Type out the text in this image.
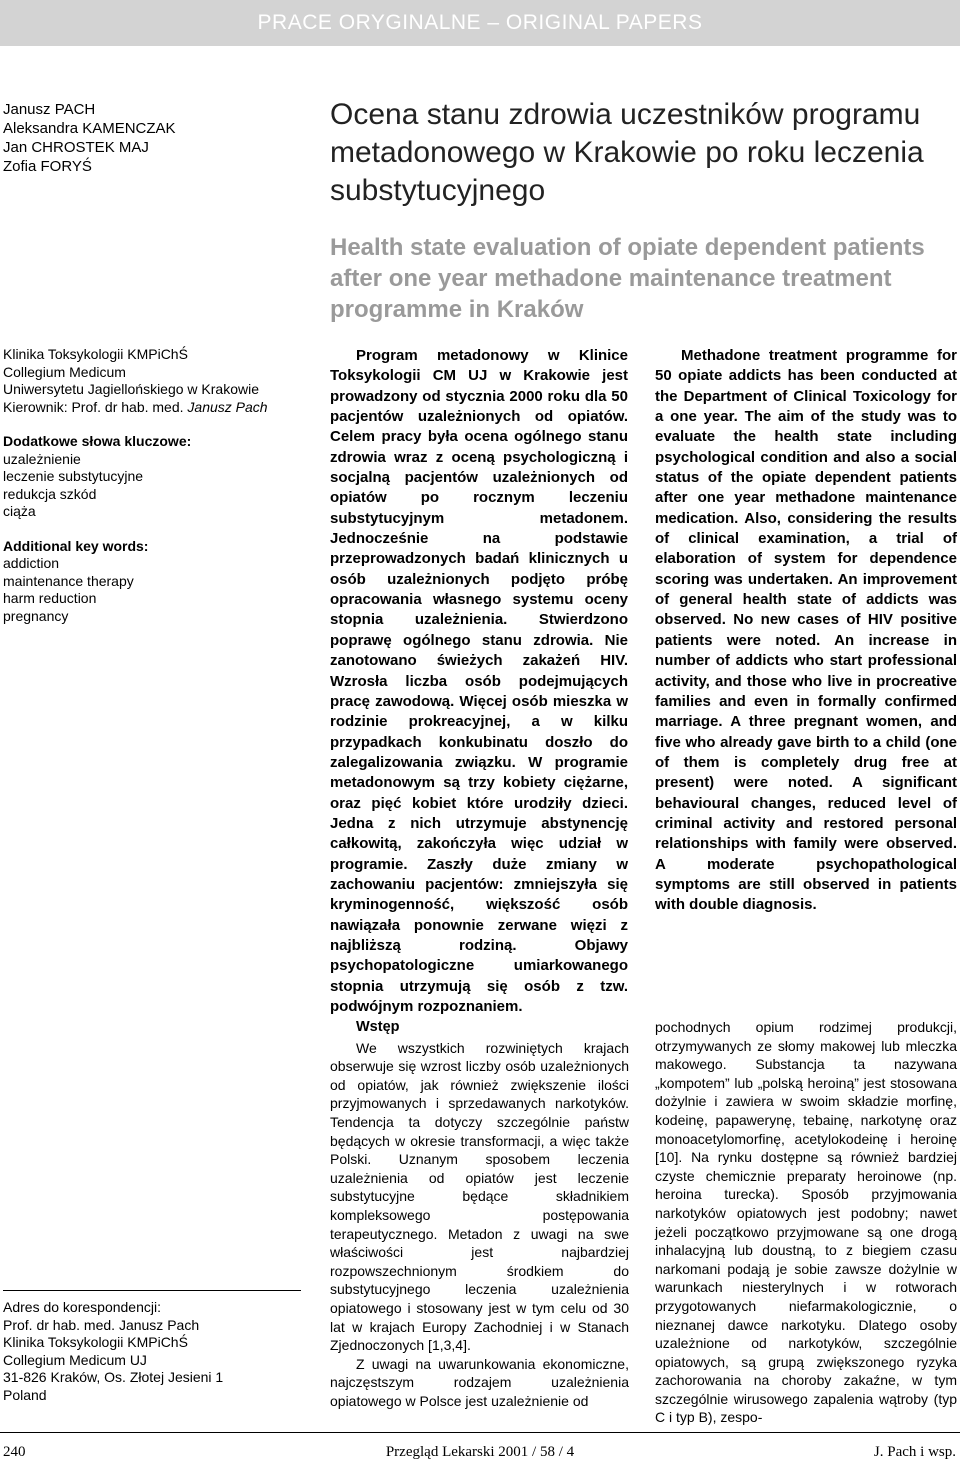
PRACE ORYGINALNE – ORIGINAL PAPERS
Janusz PACH
Aleksandra KAMENCZAK
Jan CHROSTEK MAJ
Zofia FORYŚ
Ocena stanu zdrowia uczestników programu metadonowego w Krakowie po roku leczenia substytucyjnego
Health state evaluation of opiate dependent patients after one year methadone maintenance treatment programme in Kraków
Klinika Toksykologii KMPiChŚ
Collegium Medicum
Uniwersytetu Jagiellońskiego w Krakowie
Kierownik: Prof. dr hab. med. Janusz Pach
Dodatkowe słowa kluczowe:
uzależnienie
leczenie substytucyjne
redukcja szkód
ciąża
Additional key words:
addiction
maintenance therapy
harm reduction
pregnancy

Program metadonowy w Klinice Toksykologii CM UJ w Krakowie jest prowadzony od stycznia 2000 roku dla 50 pacjentów uzależnionych od opiatów. Celem pracy była ocena ogólnego stanu zdrowia wraz z oceną psychologiczną i socjalną pacjentów uzależnionych od opiatów po rocznym leczeniu substytucyjnym metadonem. Jednocześnie na podstawie przeprowadzonych badań klinicznych u osób uzależnionych podjęto próbę opracowania własnego systemu oceny stopnia uzależnienia. Stwierdzono poprawę ogólnego stanu zdrowia. Nie zanotowano świeżych zakażeń HIV. Wzrosła liczba osób podejmujących pracę zawodową. Więcej osób mieszka w rodzinie prokreacyjnej, a w kilku przypadkach konkubinatu doszło do zalegalizowania związku. W programie metadonowym są trzy kobiety ciężarne, oraz pięć kobiet które urodziły dzieci. Jedna z nich utrzymuje abstynencję całkowitą, zakończyła więc udział w programie. Zaszły duże zmiany w zachowaniu pacjentów: zmniejszyła się kryminogenność, większość osób nawiązała ponownie zerwane więzi z najbliższą rodziną. Objawy psychopatologiczne umiarkowanego stopnia utrzymują się osób z tzw. podwójnym rozpoznaniem.

Methadone treatment programme for 50 opiate addicts has been conducted at the Department of Clinical Toxicology for a one year. The aim of the study was to evaluate the health state including psychological condition and also a social status of the opiate dependent patients after one year methadone maintenance medication. Also, considering the results of clinical examination, a trial of elaboration of system for dependence scoring was undertaken. An improvement of general health state of addicts was observed. No new cases of HIV positive patients were noted. An increase in number of addicts who start professional activity, and those who live in procreative families and even in formally confirmed marriage. A three pregnant women, and five who already gave birth to a child (one of them is completely drug free at present) were noted. A significant behavioural changes, reduced level of criminal activity and restored personal relationships with family were observed. A moderate psychopathological symptoms are still observed in patients with double diagnosis.

Wstęp

We wszystkich rozwiniętych krajach obserwuje się wzrost liczby osób uzależnionych od opiatów, jak również zwiększenie ilości przyjmowanych i sprzedawanych narkotyków. Tendencja ta dotyczy szczególnie państw będących w okresie transformacji, a więc także Polski. Uznanym sposobem leczenia uzależnienia od opiatów jest leczenie substytucyjne będące składnikiem kompleksowego postępowania terapeutycznego. Metadon z uwagi na swe właściwości jest najbardziej rozpowszechnionym środkiem do substytucyjnego leczenia uzależnienia opiatowego i stosowany jest w tym celu od 30 lat w krajach Europy Zachodniej i w Stanach Zjednoczonych [1,3,4].

Z uwagi na uwarunkowania ekonomiczne, najczęstszym rodzajem uzależnienia opiatowego w Polsce jest uzależnienie od

Adres do korespondencji:
Prof. dr hab. med. Janusz Pach
Klinika Toksykologii KMPiChŚ
Collegium Medicum UJ
31-826 Kraków, Os. Złotej Jesieni 1
Poland
240	Przegląd Lekarski 2001 / 58 / 4	J. Pach i wsp.

pochodnych opium rodzimej produkcji, otrzymywanych ze słomy makowej lub mleczka makowego. Substancja ta nazywana „kompotem” lub „polską heroiną” jest stosowana dożylnie i zawiera w swoim składzie morfinę, kodeinę, papawerynę, tebainę, narkotynę oraz monoacetylomorfinę, acetylokodeinę i heroinę [10]. Na rynku dostępne są również bardziej czyste chemicznie preparaty heroinowe (np. heroina turecka). Sposób przyjmowania narkotyków opiatowych jest podobny; nawet jeżeli początkowo przyjmowane są one drogą inhalacyjną lub doustną, to z biegiem czasu narkomani podają je sobie zawsze dożylnie w warunkach niesterylnych i w rotworach przygotowanych niefarmakologicznie, o nieznanej dawce narkotyku. Dlatego osoby uzależnione od narkotyków, szczególnie opiatowych, są grupą zwiększonego ryzyka zachorowania na choroby zakaźne, w tym szczególnie wirusowego zapalenia wątroby (typ C i typ B), zespo-
